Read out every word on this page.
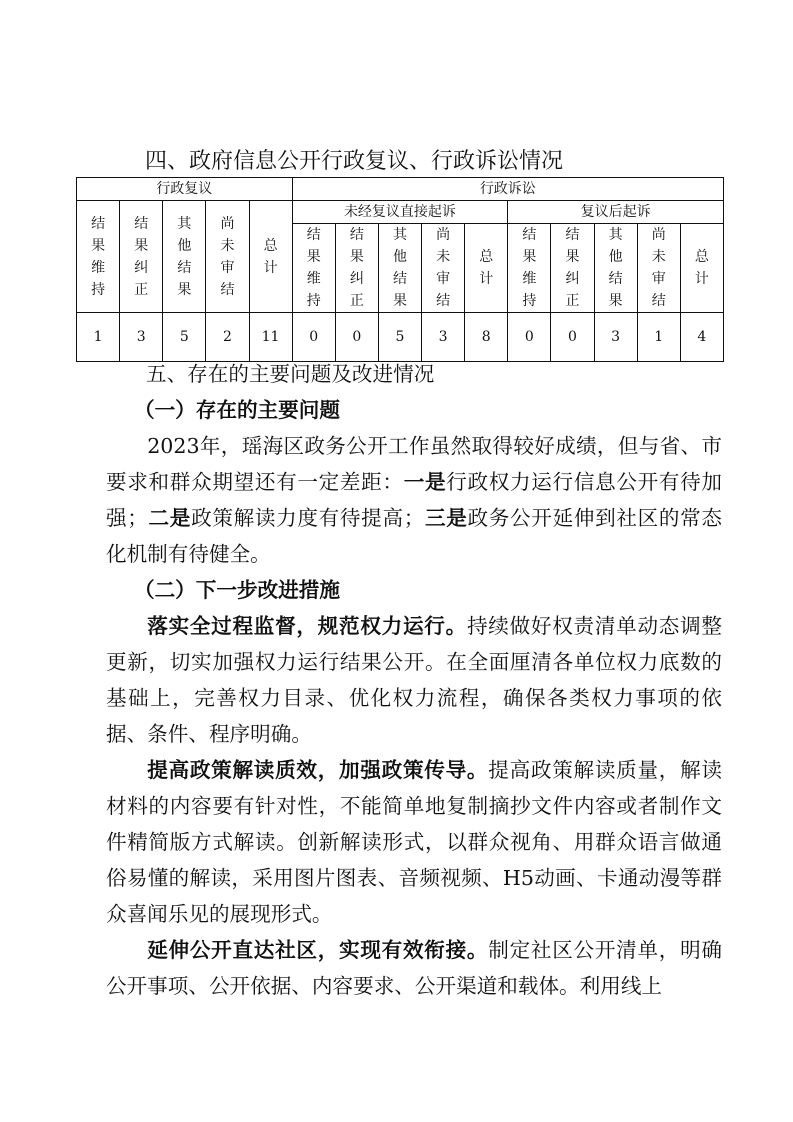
四、政府信息公开行政复议、行政诉讼情况
行政复议					行政诉讼									
结果维持	结果纠正	其他结果	尚未审结	总计	未经复议直接起诉					复议后起诉				
					结果维持	结果纠正	其他结果	尚未审结	总计	结果维持	结果纠正	其他结果	尚未审结	总计
1	3	5	2	11	0	0	5	3	8	0	0	3	1	4

五、存在的主要问题及改进情况

（一）存在的主要问题

2023年，瑶海区政务公开工作虽然取得较好成绩，但与省、市要求和群众期望还有一定差距：一是行政权力运行信息公开有待加强；二是政策解读力度有待提高；三是政务公开延伸到社区的常态化机制有待健全。

（二）下一步改进措施

落实全过程监督，规范权力运行。持续做好权责清单动态调整更新，切实加强权力运行结果公开。在全面厘清各单位权力底数的基础上，完善权力目录、优化权力流程，确保各类权力事项的依据、条件、程序明确。

提高政策解读质效，加强政策传导。提高政策解读质量，解读材料的内容要有针对性，不能简单地复制摘抄文件内容或者制作文件精简版方式解读。创新解读形式，以群众视角、用群众语言做通俗易懂的解读，采用图片图表、音频视频、H5动画、卡通动漫等群众喜闻乐见的展现形式。

延伸公开直达社区，实现有效衔接。制定社区公开清单，明确公开事项、公开依据、内容要求、公开渠道和载体。利用线上
